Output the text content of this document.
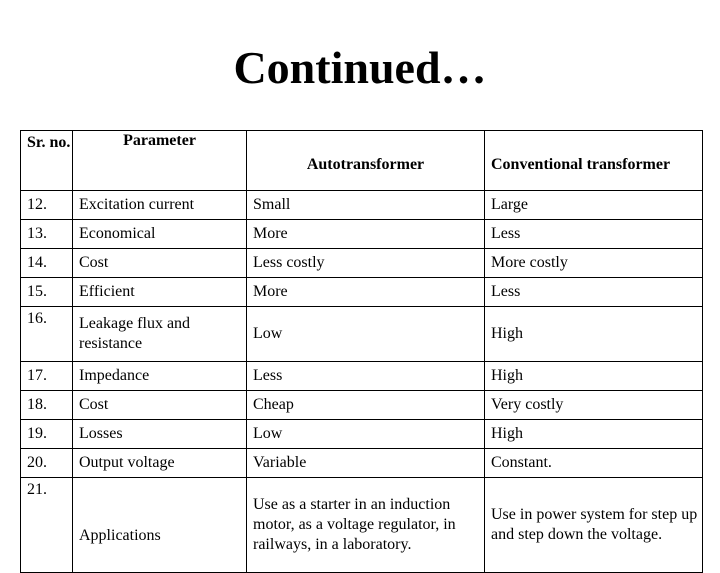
Continued…
Sr. no.	Parameter	Autotransformer	Conventional transformer
12.	Excitation current	Small	Large
13.	Economical	More	Less
14.	Cost	Less costly	More costly
15.	Efficient	More	Less
16.	Leakage flux and resistance	Low	High
17.	Impedance	Less	High
18.	Cost	Cheap	Very costly
19.	Losses	Low	High
20.	Output voltage	Variable	Constant.
21.	Applications	Use as a starter in an induction motor, as a voltage regulator, in railways, in a laboratory.	Use in power system for step up and step down the voltage.
